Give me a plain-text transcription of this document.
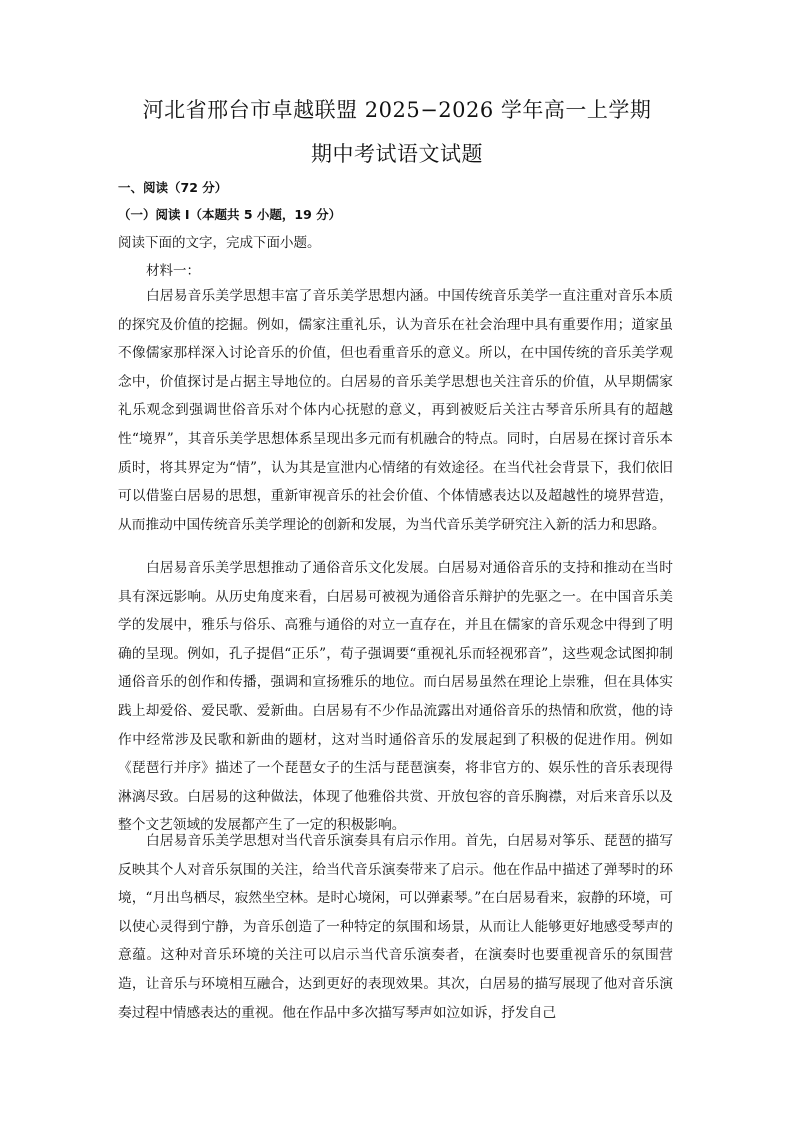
河北省邢台市卓越联盟 2025−2026 学年高一上学期
期中考试语文试题
一、阅读（72 分）
（一）阅读 I（本题共 5 小题，19 分）
阅读下面的文字，完成下面小题。
材料一：

白居易音乐美学思想丰富了音乐美学思想内涵。中国传统音乐美学一直注重对音乐本质的探究及价值的挖掘。例如，儒家注重礼乐，认为音乐在社会治理中具有重要作用；道家虽不像儒家那样深入讨论音乐的价值，但也看重音乐的意义。所以，在中国传统的音乐美学观念中，价值探讨是占据主导地位的。白居易的音乐美学思想也关注音乐的价值，从早期儒家礼乐观念到强调世俗音乐对个体内心抚慰的意义，再到被贬后关注古琴音乐所具有的超越性“境界”，其音乐美学思想体系呈现出多元而有机融合的特点。同时，白居易在探讨音乐本质时，将其界定为“情”，认为其是宣泄内心情绪的有效途径。在当代社会背景下，我们依旧可以借鉴白居易的思想，重新审视音乐的社会价值、个体情感表达以及超越性的境界营造，从而推动中国传统音乐美学理论的创新和发展，为当代音乐美学研究注入新的活力和思路。

白居易音乐美学思想推动了通俗音乐文化发展。白居易对通俗音乐的支持和推动在当时具有深远影响。从历史角度来看，白居易可被视为通俗音乐辩护的先驱之一。在中国音乐美学的发展中，雅乐与俗乐、高雅与通俗的对立一直存在，并且在儒家的音乐观念中得到了明确的呈现。例如，孔子提倡“正乐”，荀子强调要“重视礼乐而轻视邪音”，这些观念试图抑制通俗音乐的创作和传播，强调和宣扬雅乐的地位。而白居易虽然在理论上崇雅，但在具体实践上却爱俗、爱民歌、爱新曲。白居易有不少作品流露出对通俗音乐的热情和欣赏，他的诗作中经常涉及民歌和新曲的题材，这对当时通俗音乐的发展起到了积极的促进作用。例如《琵琶行并序》描述了一个琵琶女子的生活与琵琶演奏，将非官方的、娱乐性的音乐表现得淋漓尽致。白居易的这种做法，体现了他雅俗共赏、开放包容的音乐胸襟，对后来音乐以及整个文艺领域的发展都产生了一定的积极影响。

白居易音乐美学思想对当代音乐演奏具有启示作用。首先，白居易对筝乐、琵琶的描写反映其个人对音乐氛围的关注，给当代音乐演奏带来了启示。他在作品中描述了弹琴时的环境，“月出鸟栖尽，寂然坐空林。是时心境闲，可以弹素琴。”在白居易看来，寂静的环境，可以使心灵得到宁静，为音乐创造了一种特定的氛围和场景，从而让人能够更好地感受琴声的意蕴。这种对音乐环境的关注可以启示当代音乐演奏者，在演奏时也要重视音乐的氛围营造，让音乐与环境相互融合，达到更好的表现效果。其次，白居易的描写展现了他对音乐演奏过程中情感表达的重视。他在作品中多次描写琴声如泣如诉，抒发自己
